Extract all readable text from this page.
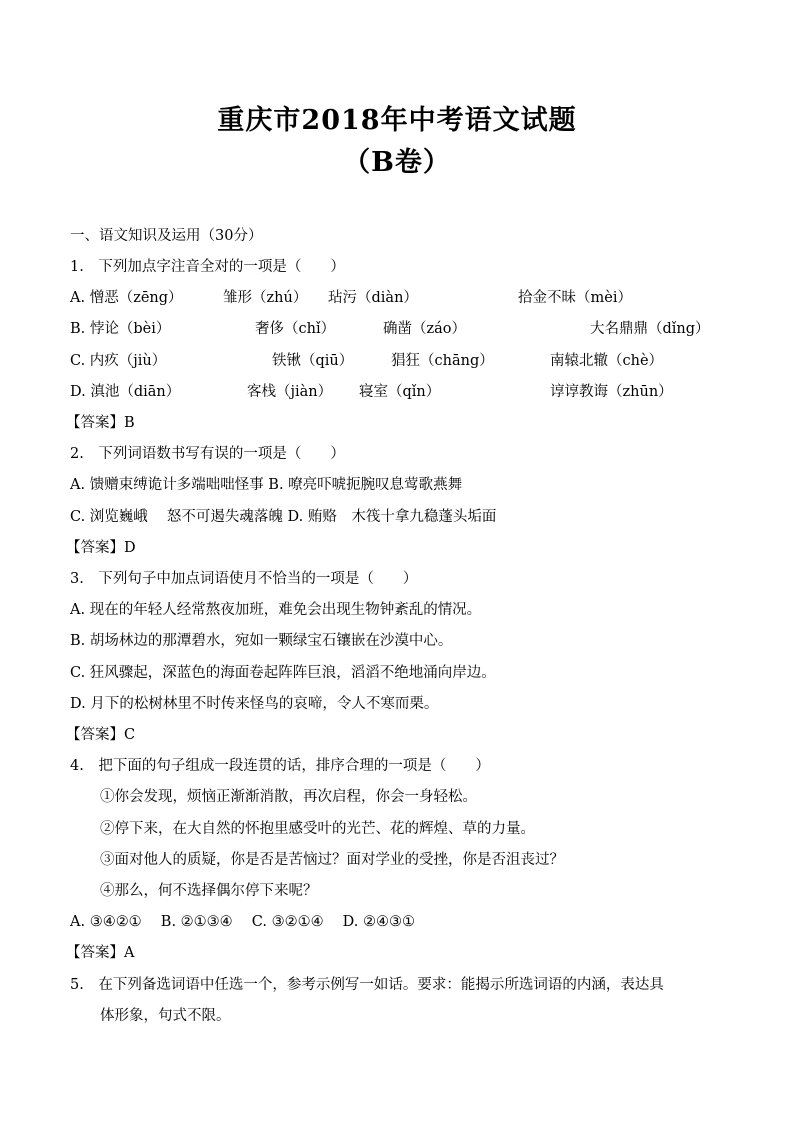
重庆市2018年中考语文试题
（B卷）
一、语文知识及运用（30分）
1.　下列加点字注音全对的一项是（　　）
A. 憎恶（zēng）	雏形（zhú） 玷污（diàn）	拾金不昧（mèi）
B. 悖论（bèi）	奢侈（chǐ）	确凿（záo）	大名鼎鼎（dǐng）
C. 内疚（jiù）	铁锹（qiū）	猖狂（chāng）	南辕北辙（chè）
D. 滇池（diān）	客栈（jiàn） 寝室（qǐn）	谆谆教诲（zhūn）
【答案】B
2.　下列词语数书写有误的一项是（　　）
A. 馈赠束缚诡计多端咄咄怪事 B. 嘹亮吓唬扼腕叹息莺歌燕舞
C. 浏览巍峨　 怒不可遏失魂落魄 D. 贿赂　木筏十拿九稳蓬头垢面
【答案】D
3.　下列句子中加点词语使月不恰当的一项是（　　）
A. 现在的年轻人经常熬夜加班，难免会出现生物钟紊乱的情况。
B. 胡场林边的那潭碧水，宛如一颗绿宝石镶嵌在沙漠中心。
C. 狂风骤起，深蓝色的海面卷起阵阵巨浪，滔滔不绝地涌向岸边。
D. 月下的松树林里不时传来怪鸟的哀啼，令人不寒而栗。
【答案】C
4.　把下面的句子组成一段连贯的话，排序合理的一项是（　　）
①你会发现，烦恼正渐渐消散，再次启程，你会一身轻松。
②停下来，在大自然的怀抱里感受叶的光芒、花的辉煌、草的力量。
③面对他人的质疑，你是否是苦恼过？面对学业的受挫，你是否沮丧过？
④那么，何不选择偶尔停下来呢？
A. ③④②①　 B. ②①③④　 C. ③②①④　 D. ②④③①
【答案】A
5.　在下列备选词语中任选一个，参考示例写一如话。要求：能揭示所选词语的内涵，表达具
体形象，句式不限。
